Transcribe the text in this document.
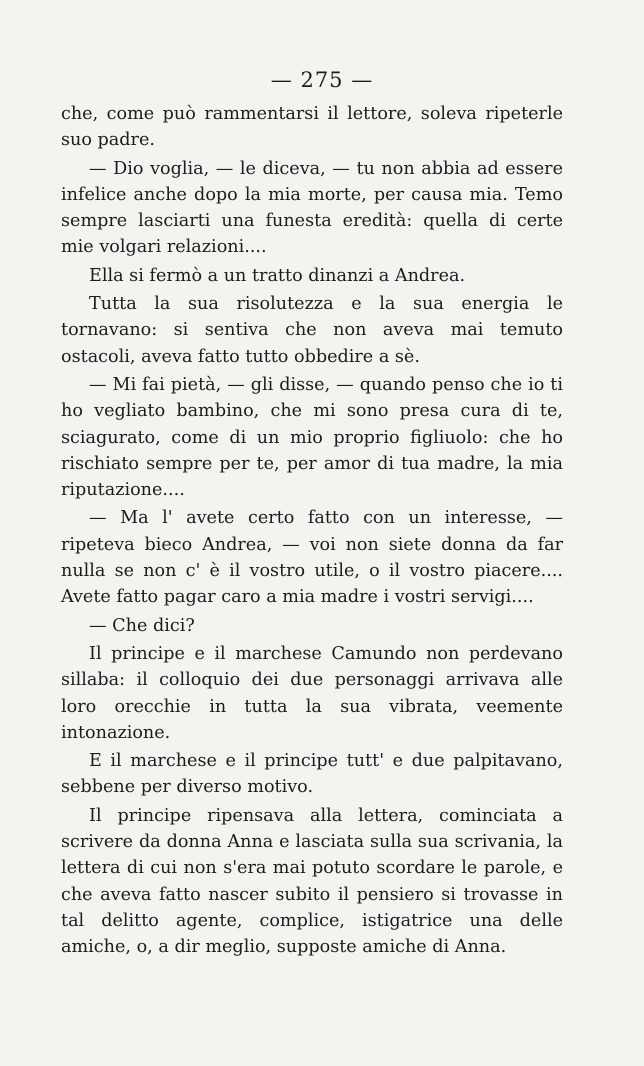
— 275 —

che, come può rammentarsi il lettore, soleva ripeterle suo padre.

— Dio voglia, — le diceva, — tu non abbia ad essere infelice anche dopo la mia morte, per causa mia. Temo sempre lasciarti una funesta eredità: quella di certe mie volgari relazioni....

Ella si fermò a un tratto dinanzi a Andrea.

Tutta la sua risolutezza e la sua energia le tornavano: si sentiva che non aveva mai temuto ostacoli, aveva fatto tutto obbedire a sè.

— Mi fai pietà, — gli disse, — quando penso che io ti ho vegliato bambino, che mi sono presa cura di te, sciagurato, come di un mio proprio figliuolo: che ho rischiato sempre per te, per amor di tua madre, la mia riputazione....

— Ma l' avete certo fatto con un interesse, — ripeteva bieco Andrea, — voi non siete donna da far nulla se non c' è il vostro utile, o il vostro piacere.... Avete fatto pagar caro a mia madre i vostri servigi....

— Che dici?

Il principe e il marchese Camundo non perdevano sillaba: il colloquio dei due personaggi arrivava alle loro orecchie in tutta la sua vibrata, veemente intonazione.

E il marchese e il principe tutt' e due palpitavano, sebbene per diverso motivo.

Il principe ripensava alla lettera, cominciata a scrivere da donna Anna e lasciata sulla sua scrivania, la lettera di cui non s'era mai potuto scordare le parole, e che aveva fatto nascer subito il pensiero si trovasse in tal delitto agente, complice, istigatrice una delle amiche, o, a dir meglio, supposte amiche di Anna.
